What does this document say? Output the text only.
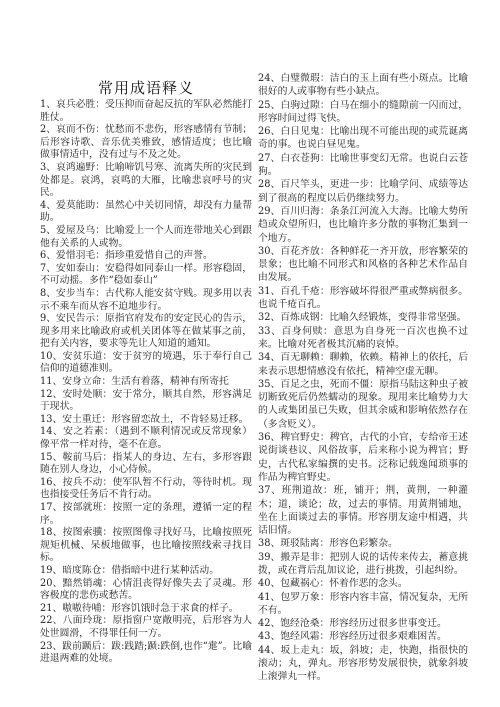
常用成语释义

1、哀兵必胜：受压抑而奋起反抗的军队必然能打胜仗。

2、哀而不伤：忧愁而不悲伤，形容感情有节制；后形容诗歌、音乐优美雅致，感情适度；也比喻做事情适中，没有过与不及之处。

3、哀鸿遍野：比喻啼饥号寒、流离失所的灾民到处都是。哀鸿，哀鸣的大雁，比喻悲哀呼号的灾民。

4、爱莫能助：虽然心中关切同情，却没有力量帮助。

5、爱屋及乌：比喻爱上一个人而连带地关心到跟他有关系的人或物。

6、爱惜羽毛：指珍重爱惜自己的声誉。

7、安如泰山：安稳得如同泰山一样。形容稳固，不可动摇。多作“稳如泰山”

8、安步当车：古代称人能安贫守贱。现多用以表示不乘车而从容不迫地步行。

9、安民告示：原指官府发布的安定民心的告示，现多用来比喻政府或机关团体等在做某事之前，把有关内容，要求等先让人知道的通知。

10、安贫乐道：安于贫穷的境遇，乐于奉行自己信仰的道德准则。

11、安身立命：生活有着落，精神有所寄托

12、安时处顺：安于常分，顺其自然，形容满足于现状。

13、安土重迁：形容留恋故土，不肯轻易迁移。

14、安之若素：（遇到不顺利情况或反常现象）像平常一样对待，毫不在意。

15、鞍前马后：指某人的身边、左右，多形容跟随在别人身边，小心侍候。

16、按兵不动：使军队暂不行动，等待时机。现也指接受任务后不肯行动。

17、按部就班：按照一定的条理，遵循一定的程序。

18、按图索骥：按照图像寻找好马，比喻按照死规矩机械、呆板地做事，也比喻按照线索寻找目标。

19、暗度陈仓：借指暗中进行某种活动。

20、黯然销魂：心情沮丧得好像失去了灵魂。形容极度的悲伤或愁苦。

21、嗷嗷待哺：形容饥饿时急于求食的样子。

22、八面玲珑：原指窗户宽敞明亮，后形容为人处世圆滑，不得罪任何一方。

23、跋前踬后：跋:践踏;踬:跌倒,也作“疐”。比喻进退两难的处境。

24、白璧微瑕：洁白的玉上面有些小斑点。比喻很好的人或事物有些小缺点。

25、白驹过隙：白马在细小的缝隙前一闪而过，形容时间过得飞快。

26、白日见鬼：比喻出现不可能出现的或荒诞离奇的事。也说白昼见鬼。

27、白衣苍狗：比喻世事变幻无常。也说白云苍狗。

28、百尺竿头，更进一步：比喻学问、成绩等达到了很高的程度以后仍继续努力。

29、百川归海：条条江河流入大海。比喻大势所趋或众望所归，也比喻许多分散的事物汇集到一个地方。

30、百花齐放：各种鲜花一齐开放，形容繁荣的景象；也比喻不同形式和风格的各种艺术作品自由发展。

31、百孔千疮：形容破坏得很严重或弊病很多。也说千疮百孔。

32、百炼成钢：比喻久经锻炼，变得非常坚强。

33、百身何赎：意思为自身死一百次也换不过来。比喻对死者极其沉痛的哀悼。

34、百无聊赖：聊赖，依赖。精神上的依托，后来表示思想情感没有依托，精神空虚无聊。

35、百足之虫，死而不僵：原指马陆这种虫子被切断致死后仍然蠕动的现象。现用来比喻势力大的人或集团虽已失败，但其余威和影响依然存在（多含贬义）。

36、稗官野史：稗官，古代的小官，专给帝王述说街谈巷议、风俗故事，后来称小说为稗官；野史，古代私家编撰的史书。泛称记载逸闻琐事的作品为稗官野史。

37、班荆道故：班，铺开；荆，黄荆，一种灌木；道，谈论；故，过去的事情。用黄荆铺地，坐在上面谈过去的事情。形容朋友途中相遇，共话旧情。

38、斑驳陆离：形容色彩繁杂。

39、搬弄是非：把别人说的话传来传去，蓄意挑拨，或在背后乱加议论，进行挑拨，引起纠纷。

40、包藏祸心：怀着作恶的念头。

41、包罗万象：形容内容丰富，情况复杂，无所不有。

42、饱经沧桑：形容经历过很多世事变迁。

43、饱经风霜：形容经历过很多艰难困苦。

44、坂上走丸：坂，斜坡；走，快跑，指很快的滚动；丸，弹丸。形容形势发展很快，就象斜坡上滚弹丸一样。
